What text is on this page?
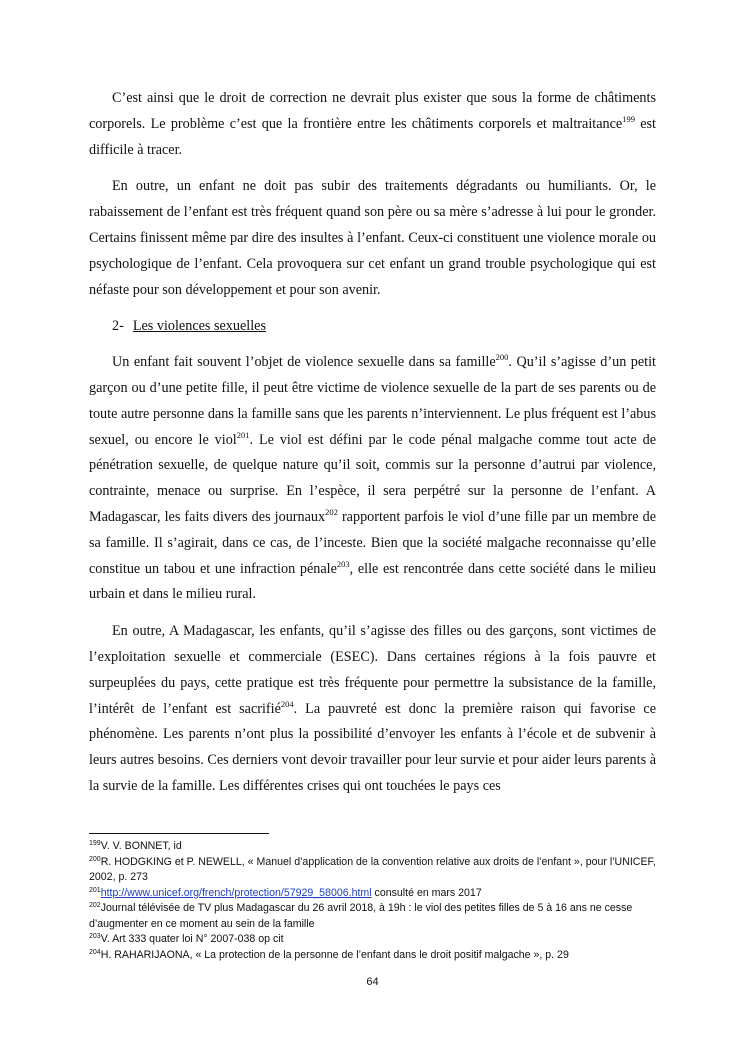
C’est ainsi que le droit de correction ne devrait plus exister que sous la forme de châtiments corporels. Le problème c’est que la frontière entre les châtiments corporels et maltraitance$^{199}$ est difficile à tracer.

En outre, un enfant ne doit pas subir des traitements dégradants ou humiliants. Or, le rabaissement de l’enfant est très fréquent quand son père ou sa mère s’adresse à lui pour le gronder. Certains finissent même par dire des insultes à l’enfant. Ceux-ci constituent une violence morale ou psychologique de l’enfant. Cela provoquera sur cet enfant un grand trouble psychologique qui est néfaste pour son développement et pour son avenir.

2- Les violences sexuelles

Un enfant fait souvent l’objet de violence sexuelle dans sa famille$^{200}$. Qu’il s’agisse d’un petit garçon ou d’une petite fille, il peut être victime de violence sexuelle de la part de ses parents ou de toute autre personne dans la famille sans que les parents n’interviennent. Le plus fréquent est l’abus sexuel, ou encore le viol$^{201}$. Le viol est défini par le code pénal malgache comme tout acte de pénétration sexuelle, de quelque nature qu’il soit, commis sur la personne d’autrui par violence, contrainte, menace ou surprise. En l’espèce, il sera perpétré sur la personne de l’enfant. A Madagascar, les faits divers des journaux$^{202}$ rapportent parfois le viol d’une fille par un membre de sa famille. Il s’agirait, dans ce cas, de l’inceste. Bien que la société malgache reconnaisse qu’elle constitue un tabou et une infraction pénale$^{203}$, elle est rencontrée dans cette société dans le milieu urbain et dans le milieu rural.

En outre, A Madagascar, les enfants, qu’il s’agisse des filles ou des garçons, sont victimes de l’exploitation sexuelle et commerciale (ESEC). Dans certaines régions à la fois pauvre et surpeuplées du pays, cette pratique est très fréquente pour permettre la subsistance de la famille, l’intérêt de l’enfant est sacrifié$^{204}$. La pauvreté est donc la première raison qui favorise ce phénomène. Les parents n’ont plus la possibilité d’envoyer les enfants à l’école et de subvenir à leurs autres besoins. Ces derniers vont devoir travailler pour leur survie et pour aider leurs parents à la survie de la famille. Les différentes crises qui ont touchées le pays ces

$^{199}$V. V. BONNET, id

$^{200}$R. HODGKING et P. NEWELL, « Manuel d’application de la convention relative aux droits de l’enfant », pour l’UNICEF, 2002, p. 273

$^{201}$http://www.unicef.org/french/protection/57929_58006.html consulté en mars 2017

$^{202}$Journal télévisée de TV plus Madagascar du 26 avril 2018, à 19h : le viol des petites filles de 5 à 16 ans ne cesse d’augmenter en ce moment au sein de la famille

$^{203}$V. Art 333 quater loi N° 2007-038 op cit

$^{204}$H. RAHARIJAONA, « La protection de la personne de l’enfant dans le droit positif malgache », p. 29

64
